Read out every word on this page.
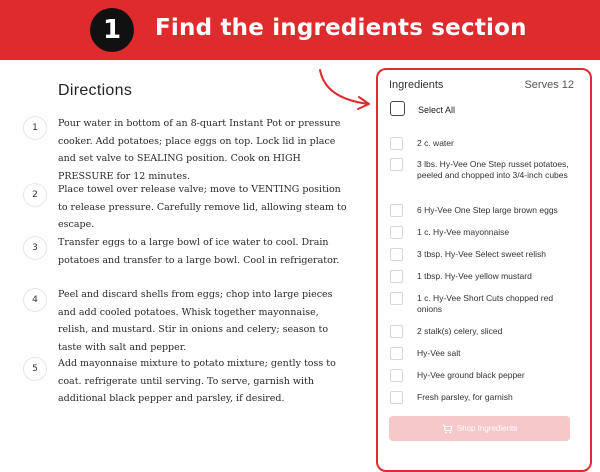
1	Find the ingredients section
Directions
1	Pour water in bottom of an 8-quart Instant Pot or pressure cooker. Add potatoes; place eggs on top. Lock lid in place and set valve to SEALING position. Cook on HIGH PRESSURE for 12 minutes.
2	Place towel over release valve; move to VENTING position to release pressure. Carefully remove lid, allowing steam to escape.
3	Transfer eggs to a large bowl of ice water to cool. Drain potatoes and transfer to a large bowl. Cool in refrigerator.
4	Peel and discard shells from eggs; chop into large pieces and add cooled potatoes. Whisk together mayonnaise, relish, and mustard. Stir in onions and celery; season to taste with salt and pepper.
5	Add mayonnaise mixture to potato mixture; gently toss to coat. refrigerate until serving. To serve, garnish with additional black pepper and parsley, if desired.
Ingredients	Serves 12
Select All
2 c. water
3 lbs. Hy-Vee One Step russet potatoes, peeled and chopped into 3/4-inch cubes
6 Hy-Vee One Step large brown eggs
1 c. Hy-Vee mayonnaise
3 tbsp. Hy-Vee Select sweet relish
1 tbsp. Hy-Vee yellow mustard
1 c. Hy-Vee Short Cuts chopped red onions
2 stalk(s) celery, sliced
Hy-Vee salt
Hy-Vee ground black pepper
Fresh parsley, for garnish
Shop Ingredients
